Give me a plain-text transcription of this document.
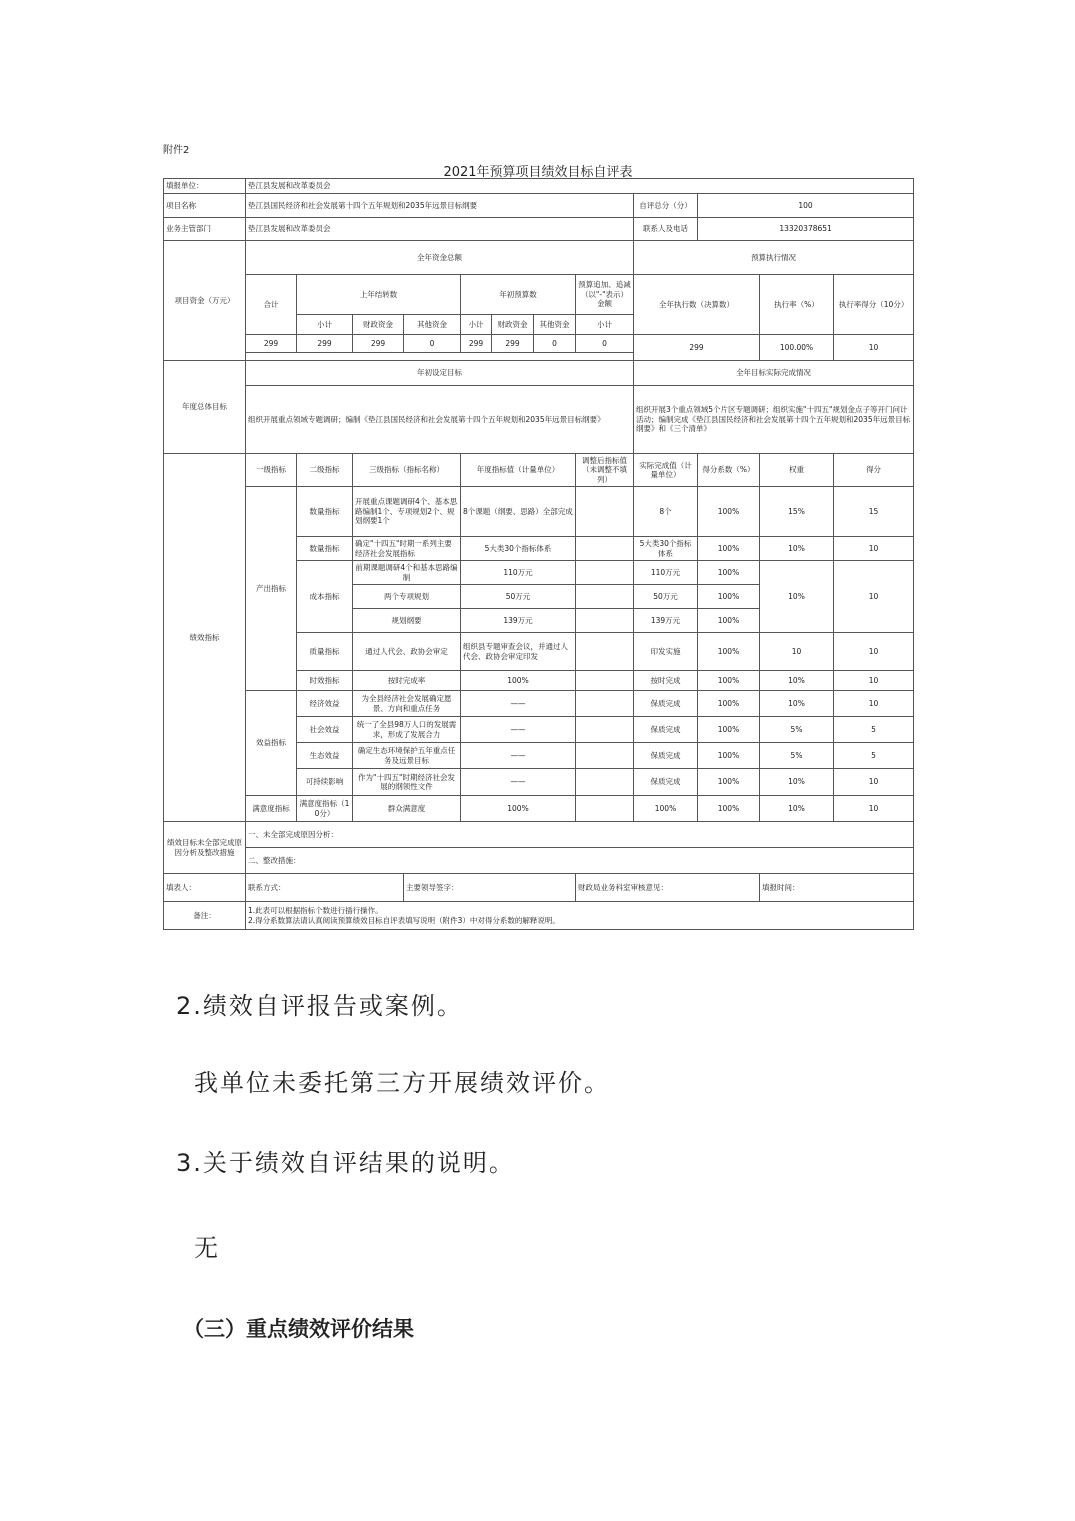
附件2
2021年预算项目绩效目标自评表
填报单位：	垫江县发展和改革委员会											
项目名称	垫江县国民经济和社会发展第十四个五年规划和2035年远景目标纲要								自评总分（分）	100		
业务主管部门	垫江县发展和改革委员会								联系人及电话	13320378651		
项目资金（万元）	全年资金总额								预算执行情况			
	合计	上年结转数			年初预算数			预算追加、追减（以"-"表示）金额	全年执行数（决算数）		执行率（%）	执行率得分（10分）
		小计	财政资金	其他资金	小计	财政资金	其他资金	小计				
	299	299	299	0	299	299	0	0	299		100.00%	10

年度总体目标	年初设定目标								全年目标实际完成情况			
	组织开展重点领域专题调研；编制《垫江县国民经济和社会发展第十四个五年规划和2035年远景目标纲要》								组织开展3个重点领域5个片区专题调研；组织实施"十四五"规划金点子等开门问计活动；编制完成《垫江县国民经济和社会发展第十四个五年规划和2035年远景目标纲要》和《三个清单》			
绩效指标	一级指标	二级指标	三级指标（指标名称）		年度指标值（计量单位）			调整后指标值（未调整不填列）	实际完成值（计量单位）	得分系数（%）	权重	得分
	产出指标	数量指标	开展重点课题调研4个、基本思路编制1个、专项规划2个、规划纲要1个		8个课题（纲要、思路）全部完成				8个	100%	15%	15
		数量指标	确定"十四五"时期一系列主要经济社会发展指标		5大类30个指标体系				5大类30个指标体系	100%	10%	10
		成本指标	前期课题调研4个和基本思路编制		110万元				110万元	100%	10%	10
			两个专项规划		50万元				50万元	100%		
			规划纲要		139万元				139万元	100%		
		质量指标	通过人代会、政协会审定		组织县专题审查会议，并通过人代会、政协会审定印发				印发实施	100%	10	10
		时效指标	按时完成率		100%				按时完成	100%	10%	10
	效益指标	经济效益	为全县经济社会发展确定愿景、方向和重点任务		——				保质完成	100%	10%	10
		社会效益	统一了全县98万人口的发展需求，形成了发展合力		——				保质完成	100%	5%	5
		生态效益	确定生态环境保护五年重点任务及远景目标		——				保质完成	100%	5%	5
		可持续影响	作为"十四五"时期经济社会发展的纲领性文件		——				保质完成	100%	10%	10
	满意度指标	满意度指标（10分）	群众满意度		100%				100%	100%	10%	10
绩效目标未全部完成原因分析及整改措施	一、未全部完成原因分析：											
	二、整改措施：											
填表人：	联系方式：			主要领导签字：				财政局业务科室审核意见：			填报时间：	
备注：	1.此表可以根据指标个数进行插行操作。
2.得分系数算法请认真阅读预算绩效目标自评表填写说明（附件3）中对得分系数的解释说明。											
2.绩效自评报告或案例。
我单位未委托第三方开展绩效评价。
3.关于绩效自评结果的说明。
无
（三）重点绩效评价结果
